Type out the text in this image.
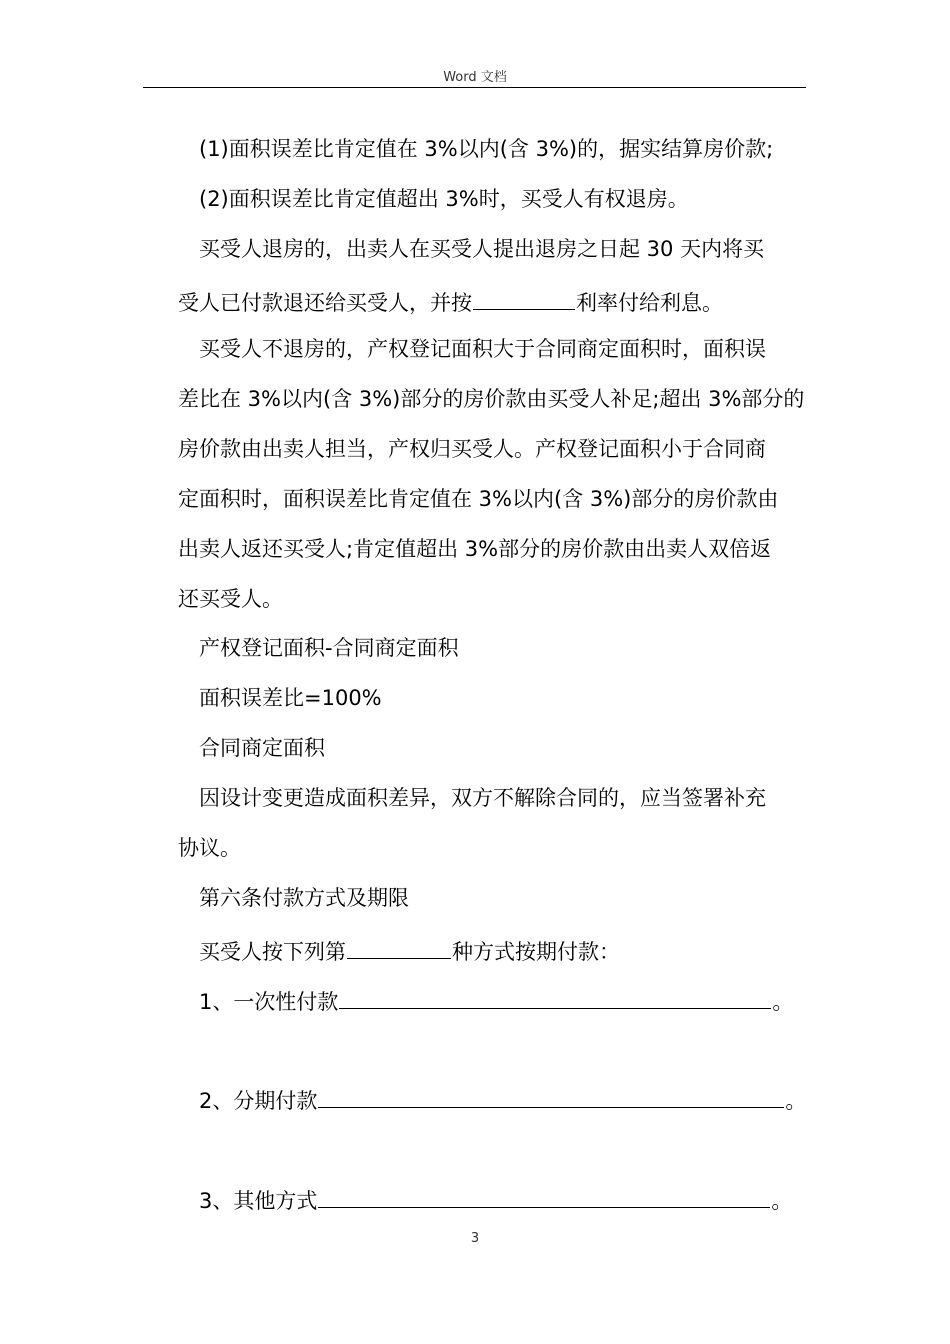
Word 文档
(1)面积误差比肯定值在 3%以内(含 3%)的，据实结算房价款;
(2)面积误差比肯定值超出 3%时，买受人有权退房。
买受人退房的，出卖人在买受人提出退房之日起 30 天内将买
受人已付款退还给买受人，并按	利率付给利息。
买受人不退房的，产权登记面积大于合同商定面积时，面积误
差比在 3%以内(含 3%)部分的房价款由买受人补足;超出 3%部分的
房价款由出卖人担当，产权归买受人。产权登记面积小于合同商
定面积时，面积误差比肯定值在 3%以内(含 3%)部分的房价款由
出卖人返还买受人;肯定值超出 3%部分的房价款由出卖人双倍返
还买受人。
产权登记面积-合同商定面积
面积误差比=100%
合同商定面积
因设计变更造成面积差异，双方不解除合同的，应当签署补充
协议。
第六条付款方式及期限
买受人按下列第	种方式按期付款：
1、一次性付款	。
2、分期付款	。
3、其他方式	。
3
